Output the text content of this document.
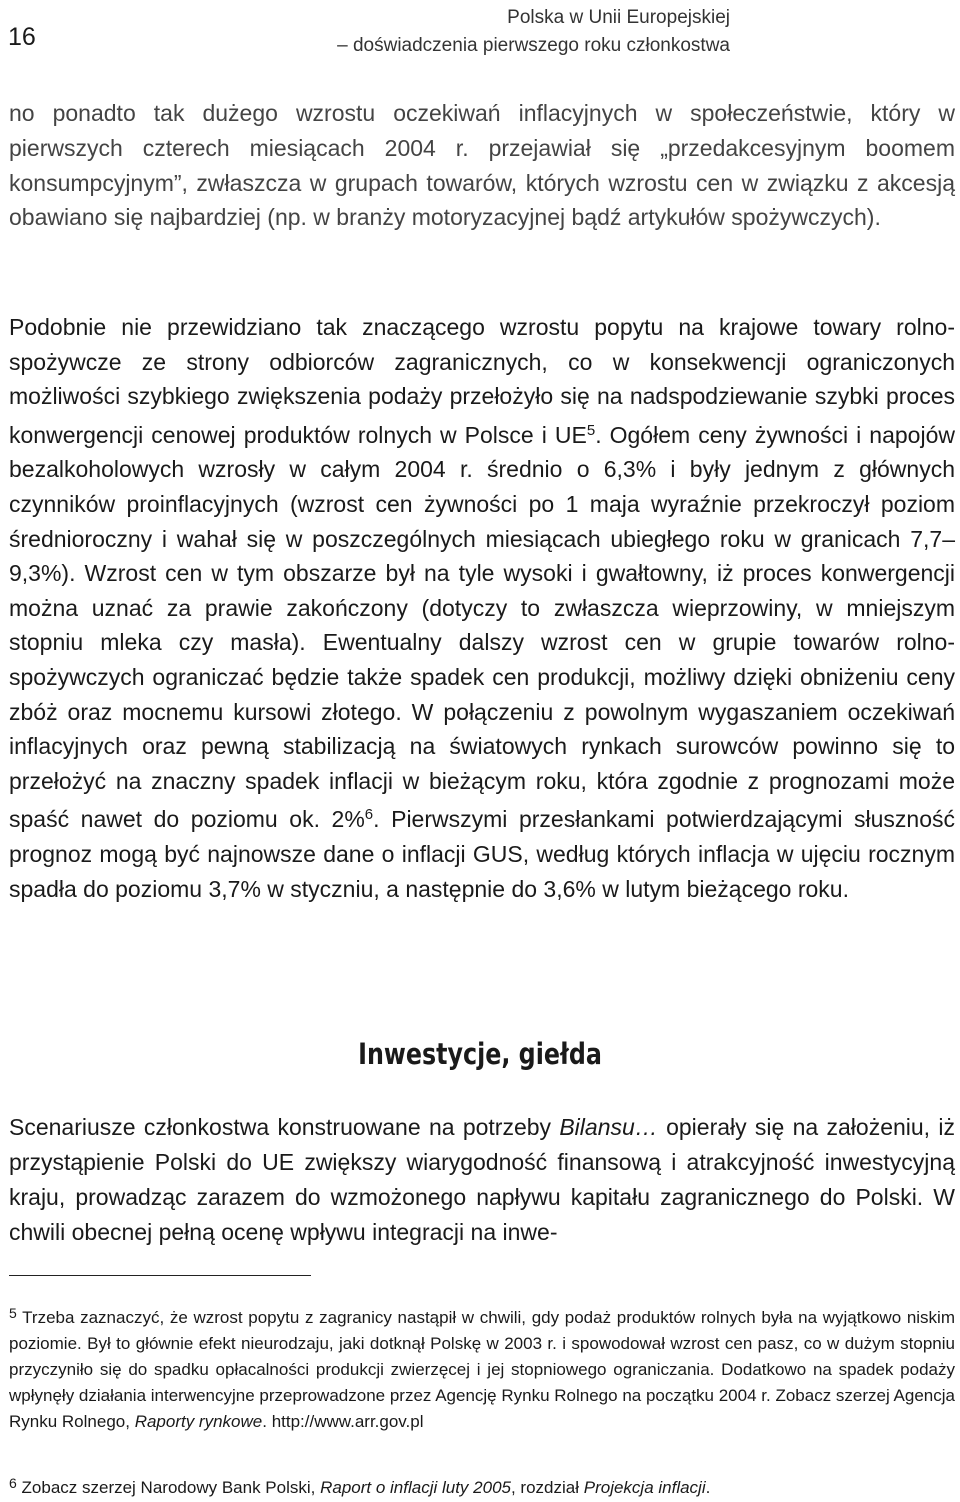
16
Polska w Unii Europejskiej
– doświadczenia pierwszego roku członkostwa

no ponadto tak dużego wzrostu oczekiwań inflacyjnych w społeczeństwie, który w pierwszych czterech miesiącach 2004 r. przejawiał się „przedakcesyjnym boomem konsumpcyjnym”, zwłaszcza w grupach towarów, których wzrostu cen w związku z akcesją obawiano się najbardziej (np. w branży motoryzacyjnej bądź artykułów spożywczych).

Podobnie nie przewidziano tak znaczącego wzrostu popytu na krajowe towary rolno-spożywcze ze strony odbiorców zagranicznych, co w konsekwencji ograniczonych możliwości szybkiego zwiększenia podaży przełożyło się na nadspodziewanie szybki proces konwergencji cenowej produktów rolnych w Polsce i $UE^5$. Ogółem ceny żywności i napojów bezalkoholowych wzrosły w całym 2004 r. średnio o 6,3% i były jednym z głównych czynników proinflacyjnych (wzrost cen żywności po 1 maja wyraźnie przekroczył poziom średnioroczny i wahał się w poszczególnych miesiącach ubiegłego roku w granicach 7,7–9,3%). Wzrost cen w tym obszarze był na tyle wysoki i gwałtowny, iż proces konwergencji można uznać za prawie zakończony (dotyczy to zwłaszcza wieprzowiny, w mniejszym stopniu mleka czy masła). Ewentualny dalszy wzrost cen w grupie towarów rolno-spożywczych ograniczać będzie także spadek cen produkcji, możliwy dzięki obniżeniu ceny zbóż oraz mocnemu kursowi złotego. W połączeniu z powolnym wygaszaniem oczekiwań inflacyjnych oraz pewną stabilizacją na światowych rynkach surowców powinno się to przełożyć na znaczny spadek inflacji w bieżącym roku, która zgodnie z prognozami może spaść nawet do poziomu ok. 2%$^6$. Pierwszymi przesłankami potwierdzającymi słuszność prognoz mogą być najnowsze dane o inflacji GUS, według których inflacja w ujęciu rocznym spadła do poziomu 3,7% w styczniu, a następnie do 3,6% w lutym bieżącego roku.

Inwestycje, giełda

Scenariusze członkostwa konstruowane na potrzeby Bilansu… opierały się na założeniu, iż przystąpienie Polski do UE zwiększy wiarygodność finansową i atrakcyjność inwestycyjną kraju, prowadząc zarazem do wzmożonego napływu kapitału zagranicznego do Polski. W chwili obecnej pełną ocenę wpływu integracji na inwe-

$^5$ Trzeba zaznaczyć, że wzrost popytu z zagranicy nastąpił w chwili, gdy podaż produktów rolnych była na wyjątkowo niskim poziomie. Był to głównie efekt nieurodzaju, jaki dotknął Polskę w 2003 r. i spowodował wzrost cen pasz, co w dużym stopniu przyczyniło się do spadku opłacalności produkcji zwierzęcej i jej stopniowego ograniczania. Dodatkowo na spadek podaży wpłynęły działania interwencyjne przeprowadzone przez Agencję Rynku Rolnego na początku 2004 r. Zobacz szerzej Agencja Rynku Rolnego, Raporty rynkowe. http://www.arr.gov.pl

$^6$ Zobacz szerzej Narodowy Bank Polski, Raport o inflacji luty 2005, rozdział Projekcja inflacji.
